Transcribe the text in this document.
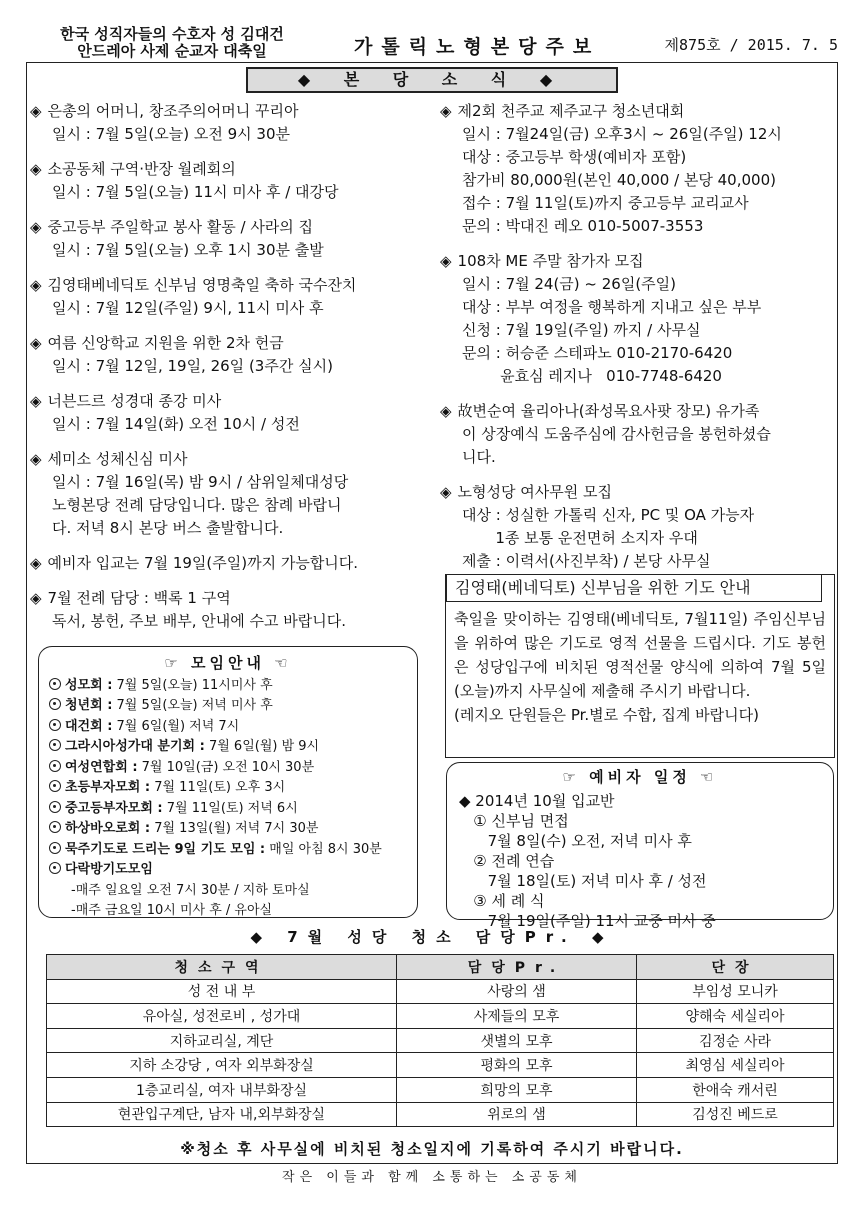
한국 성직자들의 수호자 성 김대건
안드레아 사제 순교자 대축일	가톨릭노형본당주보	제875호 / 2015. 7. 5
◆ 본 당 소 식 ◆
◈ 은총의 어머니, 창조주의어머니 꾸리아
일시 : 7월 5일(오늘) 오전 9시 30분
◈ 소공동체 구역·반장 월례회의
일시 : 7월 5일(오늘) 11시 미사 후 / 대강당
◈ 중고등부 주일학교 봉사 활동 / 사라의 집
일시 : 7월 5일(오늘) 오후 1시 30분 출발
◈ 김영태베네딕토 신부님 영명축일 축하 국수잔치
일시 : 7월 12일(주일) 9시, 11시 미사 후
◈ 여름 신앙학교 지원을 위한 2차 헌금
일시 : 7월 12일, 19일, 26일 (3주간 실시)
◈ 너븐드르 성경대 종강 미사
일시 : 7월 14일(화) 오전 10시 / 성전
◈ 세미소 성체신심 미사
일시 : 7월 16일(목) 밤 9시 / 삼위일체대성당
노형본당 전례 담당입니다. 많은 참례 바랍니
다. 저녁 8시 본당 버스 출발합니다.
◈ 예비자 입교는 7월 19일(주일)까지 가능합니다.
◈ 7월 전례 담당 : 백록 1 구역
독서, 봉헌, 주보 배부, 안내에 수고 바랍니다.
◈ 제2회 천주교 제주교구 청소년대회
일시 : 7월24일(금) 오후3시 ~ 26일(주일) 12시
대상 : 중고등부 학생(예비자 포함)
참가비 80,000원(본인 40,000 / 본당 40,000)
접수 : 7월 11일(토)까지 중고등부 교리교사
문의 : 박대진 레오 010-5007-3553
◈ 108차 ME 주말 참가자 모집
일시 : 7월 24(금) ~ 26일(주일)
대상 : 부부 여정을 행복하게 지내고 싶은 부부
신청 : 7월 19일(주일) 까지 / 사무실
문의 : 허승준 스테파노 010-2170-6420
윤효심 레지나   010-7748-6420
◈ 故변순여 율리아나(좌성목요사팟 장모) 유가족
이 상장예식 도움주심에 감사헌금을 봉헌하셨습
니다.
◈ 노형성당 여사무원 모집
대상 : 성실한 가톨릭 신자, PC 및 OA 가능자
1종 보통 운전면허 소지자 우대
제출 : 이력서(사진부착) / 본당 사무실
☞ 모임안내 ☜
성모회 : 7월 5일(오늘) 11시미사 후
청년회 : 7월 5일(오늘) 저녁 미사 후
대건회 : 7월 6일(월) 저녁 7시
그라시아성가대 분기회 : 7월 6일(월) 밤 9시
여성연합회 : 7월 10일(금) 오전 10시 30분
초등부자모회 : 7월 11일(토) 오후 3시
중고등부자모회 : 7월 11일(토) 저녁 6시
하상바오로회 : 7월 13일(월) 저녁 7시 30분
묵주기도로 드리는 9일 기도 모임 : 매일 아침 8시 30분
다락방기도모임
-매주 일요일 오전 7시 30분 / 지하 토마실
-매주 금요일 10시 미사 후 / 유아실
김영태(베네딕토) 신부님을 위한 기도 안내
축일을 맞이하는 김영태(베네딕토, 7월11일) 주임신부님을 위하여 많은 기도로 영적 선물을 드립시다. 기도 봉헌은 성당입구에 비치된 영적선물 양식에 의하여 7월 5일(오늘)까지 사무실에 제출해 주시기 바랍니다.
(레지오 단원들은 Pr.별로 수합, 집계 바랍니다)
☞ 예비자 일정 ☜
◆ 2014년 10월 입교반
① 신부님 면접
7월 8일(수) 오전, 저녁 미사 후
② 전례 연습
7월 18일(토) 저녁 미사 후 / 성전
③ 세 례 식
7월 19일(주일) 11시 교중 미사 중
◆ 7월 성당 청소 담당Pr. ◆
청소구역	담당Pr.	단장
성 전 내 부	사랑의 샘	부임성 모니카
유아실, 성전로비 , 성가대	사제들의 모후	양해숙 세실리아
지하교리실, 계단	샛별의 모후	김정순 사라
지하 소강당 , 여자 외부화장실	평화의 모후	최영심 세실리아
1층교리실, 여자 내부화장실	희망의 모후	한애숙 캐서린
현관입구계단, 남자 내,외부화장실	위로의 샘	김성진 베드로
※청소 후 사무실에 비치된 청소일지에 기록하여 주시기 바랍니다.
작은 이들과 함께 소통하는 소공동체
